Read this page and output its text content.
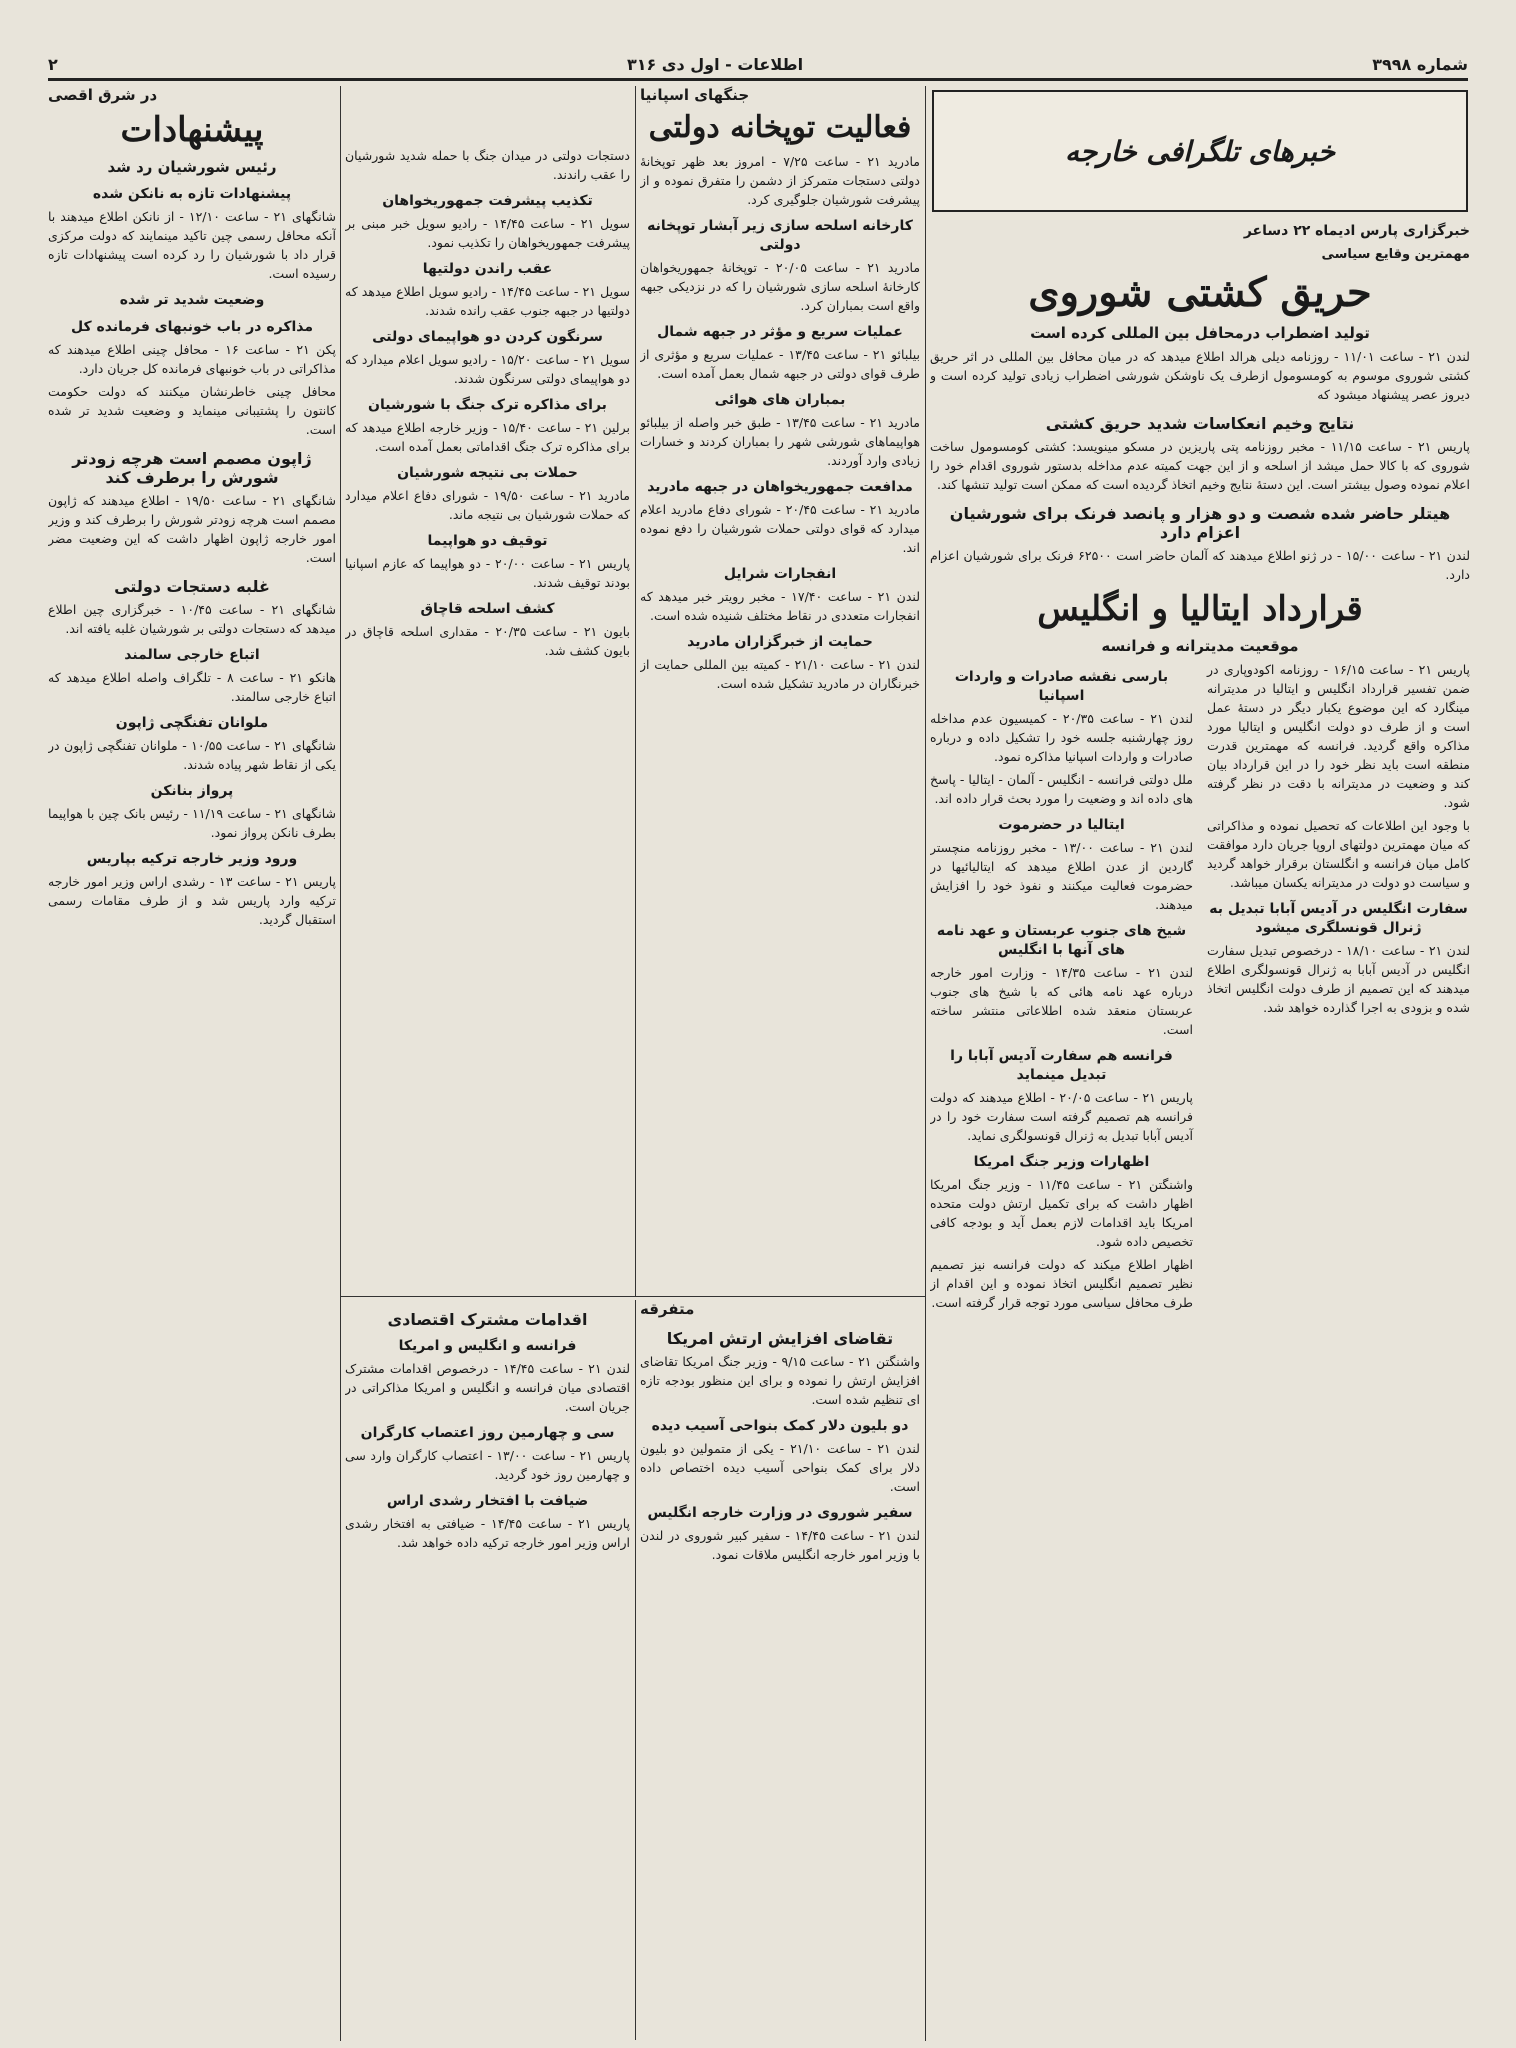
شماره ۳۹۹۸
اطلاعات - اول دی ۳۱۶
۲
خبرهای تلگرافی خارجه
خبرگزاری پارس ادیماه ۲۲ دساعر
مهمترین وقایع سیاسی
حریق کشتی شوروی
تولید اضطراب درمحافل بین المللی کرده است

لندن ۲۱ - ساعت ۱۱/۰۱ - روزنامه دیلی هرالد اطلاع میدهد که در میان محافل بین المللی در اثر حریق کشتی شوروی موسوم به کومسومول ازطرف یک ناوشکن شورشی اضطراب زیادی تولید کرده است و دیروز عصر پیشنهاد میشود که

نتایج وخیم انعکاسات شدید حریق کشتی

پاریس ۲۱ - ساعت ۱۱/۱۵ - مخبر روزنامه پتی پاریزین در مسکو مینویسد: کشتی کومسومول ساخت شوروی که با کالا حمل میشد از اسلحه و از این جهت کمیته عدم مداخله بدستور شوروی اقدام خود را اعلام نموده وصول بیشتر است. این دستهٔ نتایج وخیم اتخاذ گردیده است که ممکن است تولید تنشها کند.

هیتلر حاضر شده شصت و دو هزار و پانصد فرنک برای شورشیان اعزام دارد

لندن ۲۱ - ساعت ۱۵/۰۰ - در ژنو اطلاع میدهند که آلمان حاضر است ۶۲۵۰۰ فرنک برای شورشیان اعزام دارد.

قرارداد ایتالیا و انگلیس
موقعیت مدیترانه و فرانسه

پاریس ۲۱ - ساعت ۱۶/۱۵ - روزنامه اکودوپاری در ضمن تفسیر قرارداد انگلیس و ایتالیا در مدیترانه مینگارد که این موضوع یکبار دیگر در دستهٔ عمل است و از طرف دو دولت انگلیس و ایتالیا مورد مذاکره واقع گردید. فرانسه که مهمترین قدرت منطقه است باید نظر خود را در این قرارداد بیان کند و وضعیت در مدیترانه با دقت در نظر گرفته شود.

با وجود این اطلاعات که تحصیل نموده و مذاکراتی که میان مهمترین دولتهای اروپا جریان دارد موافقت کامل میان فرانسه و انگلستان برقرار خواهد گردید و سیاست دو دولت در مدیترانه یکسان میباشد.

سفارت انگلیس در آدیس آبابا تبدیل به ژنرال قونسلگری میشود

لندن ۲۱ - ساعت ۱۸/۱۰ - درخصوص تبدیل سفارت انگلیس در آدیس آبابا به ژنرال قونسولگری اطلاع میدهند که این تصمیم از طرف دولت انگلیس اتخاذ شده و بزودی به اجرا گذارده خواهد شد.

بارسی نقشه صادرات و واردات اسپانیا

لندن ۲۱ - ساعت ۲۰/۳۵ - کمیسیون عدم مداخله روز چهارشنبه جلسه خود را تشکیل داده و درباره صادرات و واردات اسپانیا مذاکره نمود.

ملل دولتی فرانسه - انگلیس - آلمان - ایتالیا - پاسخ های داده اند و وضعیت را مورد بحث قرار داده اند.

ایتالیا در حضرموت

لندن ۲۱ - ساعت ۱۳/۰۰ - مخبر روزنامه منچستر گاردین از عدن اطلاع میدهد که ایتالیائیها در حضرموت فعالیت میکنند و نفوذ خود را افزایش میدهند.

شیخ های جنوب عربستان و عهد نامه های آنها با انگلیس

لندن ۲۱ - ساعت ۱۴/۳۵ - وزارت امور خارجه درباره عهد نامه هائی که با شیخ های جنوب عربستان منعقد شده اطلاعاتی منتشر ساخته است.

فرانسه هم سفارت آدیس آبابا را تبدیل مینماید

پاریس ۲۱ - ساعت ۲۰/۰۵ - اطلاع میدهند که دولت فرانسه هم تصمیم گرفته است سفارت خود را در آدیس آبابا تبدیل به ژنرال قونسولگری نماید.

اظهارات وزیر جنگ امریکا

واشنگتن ۲۱ - ساعت ۱۱/۴۵ - وزیر جنگ امریکا اظهار داشت که برای تکمیل ارتش دولت متحده امریکا باید اقدامات لازم بعمل آید و بودجه کافی تخصیص داده شود.

اظهار اطلاع میکند که دولت فرانسه نیز تصمیم نظیر تصمیم انگلیس اتخاذ نموده و این اقدام از طرف محافل سیاسی مورد توجه قرار گرفته است.

جنگهای اسپانیا
فعالیت توپخانه دولتی

مادرید ۲۱ - ساعت ۷/۲۵ - امروز بعد ظهر توپخانهٔ دولتی دستجات متمرکز از دشمن را متفرق نموده و از پیشرفت شورشیان جلوگیری کرد.

کارخانه اسلحه سازی زیر آبشار توپخانه دولتی

مادرید ۲۱ - ساعت ۲۰/۰۵ - توپخانهٔ جمهوریخواهان کارخانهٔ اسلحه سازی شورشیان را که در نزدیکی جبهه واقع است بمباران کرد.

عملیات سریع و مؤثر در جبهه شمال

بیلبائو ۲۱ - ساعت ۱۳/۴۵ - عملیات سریع و مؤثری از طرف قوای دولتی در جبهه شمال بعمل آمده است.

بمباران های هوائی

مادرید ۲۱ - ساعت ۱۳/۴۵ - طبق خبر واصله از بیلبائو هواپیماهای شورشی شهر را بمباران کردند و خسارات زیادی وارد آوردند.

مدافعت جمهوریخواهان در جبهه مادرید

مادرید ۲۱ - ساعت ۲۰/۴۵ - شورای دفاع مادرید اعلام میدارد که قوای دولتی حملات شورشیان را دفع نموده اند.

انفجارات شرایل

لندن ۲۱ - ساعت ۱۷/۴۰ - مخبر رویتر خبر میدهد که انفجارات متعددی در نقاط مختلف شنیده شده است.

حمایت از خبرگزاران مادرید

لندن ۲۱ - ساعت ۲۱/۱۰ - کمیته بین المللی حمایت از خبرنگاران در مادرید تشکیل شده است.

دستجات دولتی در میدان جنگ با حمله شدید شورشیان را عقب راندند.

تکذیب پیشرفت جمهوریخواهان

سویل ۲۱ - ساعت ۱۴/۴۵ - رادیو سویل خبر مبنی بر پیشرفت جمهوریخواهان را تکذیب نمود.

عقب راندن دولتیها

سویل ۲۱ - ساعت ۱۴/۴۵ - رادیو سویل اطلاع میدهد که دولتیها در جبهه جنوب عقب رانده شدند.

سرنگون کردن دو هواپیمای دولتی

سویل ۲۱ - ساعت ۱۵/۲۰ - رادیو سویل اعلام میدارد که دو هواپیمای دولتی سرنگون شدند.

برای مذاکره ترک جنگ با شورشیان

برلین ۲۱ - ساعت ۱۵/۴۰ - وزیر خارجه اطلاع میدهد که برای مذاکره ترک جنگ اقداماتی بعمل آمده است.

حملات بی نتیجه شورشیان

مادرید ۲۱ - ساعت ۱۹/۵۰ - شورای دفاع اعلام میدارد که حملات شورشیان بی نتیجه ماند.

توقیف دو هواپیما

پاریس ۲۱ - ساعت ۲۰/۰۰ - دو هواپیما که عازم اسپانیا بودند توقیف شدند.

کشف اسلحه قاچاق

بایون ۲۱ - ساعت ۲۰/۳۵ - مقداری اسلحه قاچاق در بایون کشف شد.

متفرقه
تقاضای افزایش ارتش امریکا

واشنگتن ۲۱ - ساعت ۹/۱۵ - وزیر جنگ امریکا تقاضای افزایش ارتش را نموده و برای این منظور بودجه تازه ای تنظیم شده است.

دو بلیون دلار کمک بنواحی آسیب دیده

لندن ۲۱ - ساعت ۲۱/۱۰ - یکی از متمولین دو بلیون دلار برای کمک بنواحی آسیب دیده اختصاص داده است.

سفیر شوروی در وزارت خارجه انگلیس

لندن ۲۱ - ساعت ۱۴/۴۵ - سفیر کبیر شوروی در لندن با وزیر امور خارجه انگلیس ملاقات نمود.

اقدامات مشترک اقتصادی
فرانسه و انگلیس و امریکا

لندن ۲۱ - ساعت ۱۴/۴۵ - درخصوص اقدامات مشترک اقتصادی میان فرانسه و انگلیس و امریکا مذاکراتی در جریان است.

سی و چهارمین روز اعتصاب کارگران

پاریس ۲۱ - ساعت ۱۳/۰۰ - اعتصاب کارگران وارد سی و چهارمین روز خود گردید.

ضیافت با افتخار رشدی اراس

پاریس ۲۱ - ساعت ۱۴/۴۵ - ضیافتی به افتخار رشدی اراس وزیر امور خارجه ترکیه داده خواهد شد.

در شرق اقصی
پیشنهادات
رئیس شورشیان رد شد
پیشنهادات تازه به نانکن شده

شانگهای ۲۱ - ساعت ۱۲/۱۰ - از نانکن اطلاع میدهند با آنکه محافل رسمی چین تاکید مینمایند که دولت مرکزی قرار داد با شورشیان را رد کرده است پیشنهادات تازه رسیده است.

وضعیت شدید تر شده
مذاکره در باب خونبهای فرمانده کل

پکن ۲۱ - ساعت ۱۶ - محافل چینی اطلاع میدهند که مذاکراتی در باب خونبهای فرمانده کل جریان دارد.

محافل چینی خاطرنشان میکنند که دولت حکومت کانتون را پشتیبانی مینماید و وضعیت شدید تر شده است.

ژاپون مصمم است هرچه زودتر شورش را برطرف کند

شانگهای ۲۱ - ساعت ۱۹/۵۰ - اطلاع میدهند که ژاپون مصمم است هرچه زودتر شورش را برطرف کند و وزیر امور خارجه ژاپون اظهار داشت که این وضعیت مضر است.

غلبه دستجات دولتی

شانگهای ۲۱ - ساعت ۱۰/۴۵ - خبرگزاری چین اطلاع میدهد که دستجات دولتی بر شورشیان غلبه یافته اند.

اتباع خارجی سالمند

هانکو ۲۱ - ساعت ۸ - تلگراف واصله اطلاع میدهد که اتباع خارجی سالمند.

ملوانان تفنگچی ژاپون

شانگهای ۲۱ - ساعت ۱۰/۵۵ - ملوانان تفنگچی ژاپون در یکی از نقاط شهر پیاده شدند.

پرواز بنانکن

شانگهای ۲۱ - ساعت ۱۱/۱۹ - رئیس بانک چین با هواپیما بطرف نانکن پرواز نمود.

ورود وزیر خارجه ترکیه بپاریس

پاریس ۲۱ - ساعت ۱۳ - رشدی اراس وزیر امور خارجه ترکیه وارد پاریس شد و از طرف مقامات رسمی استقبال گردید.
